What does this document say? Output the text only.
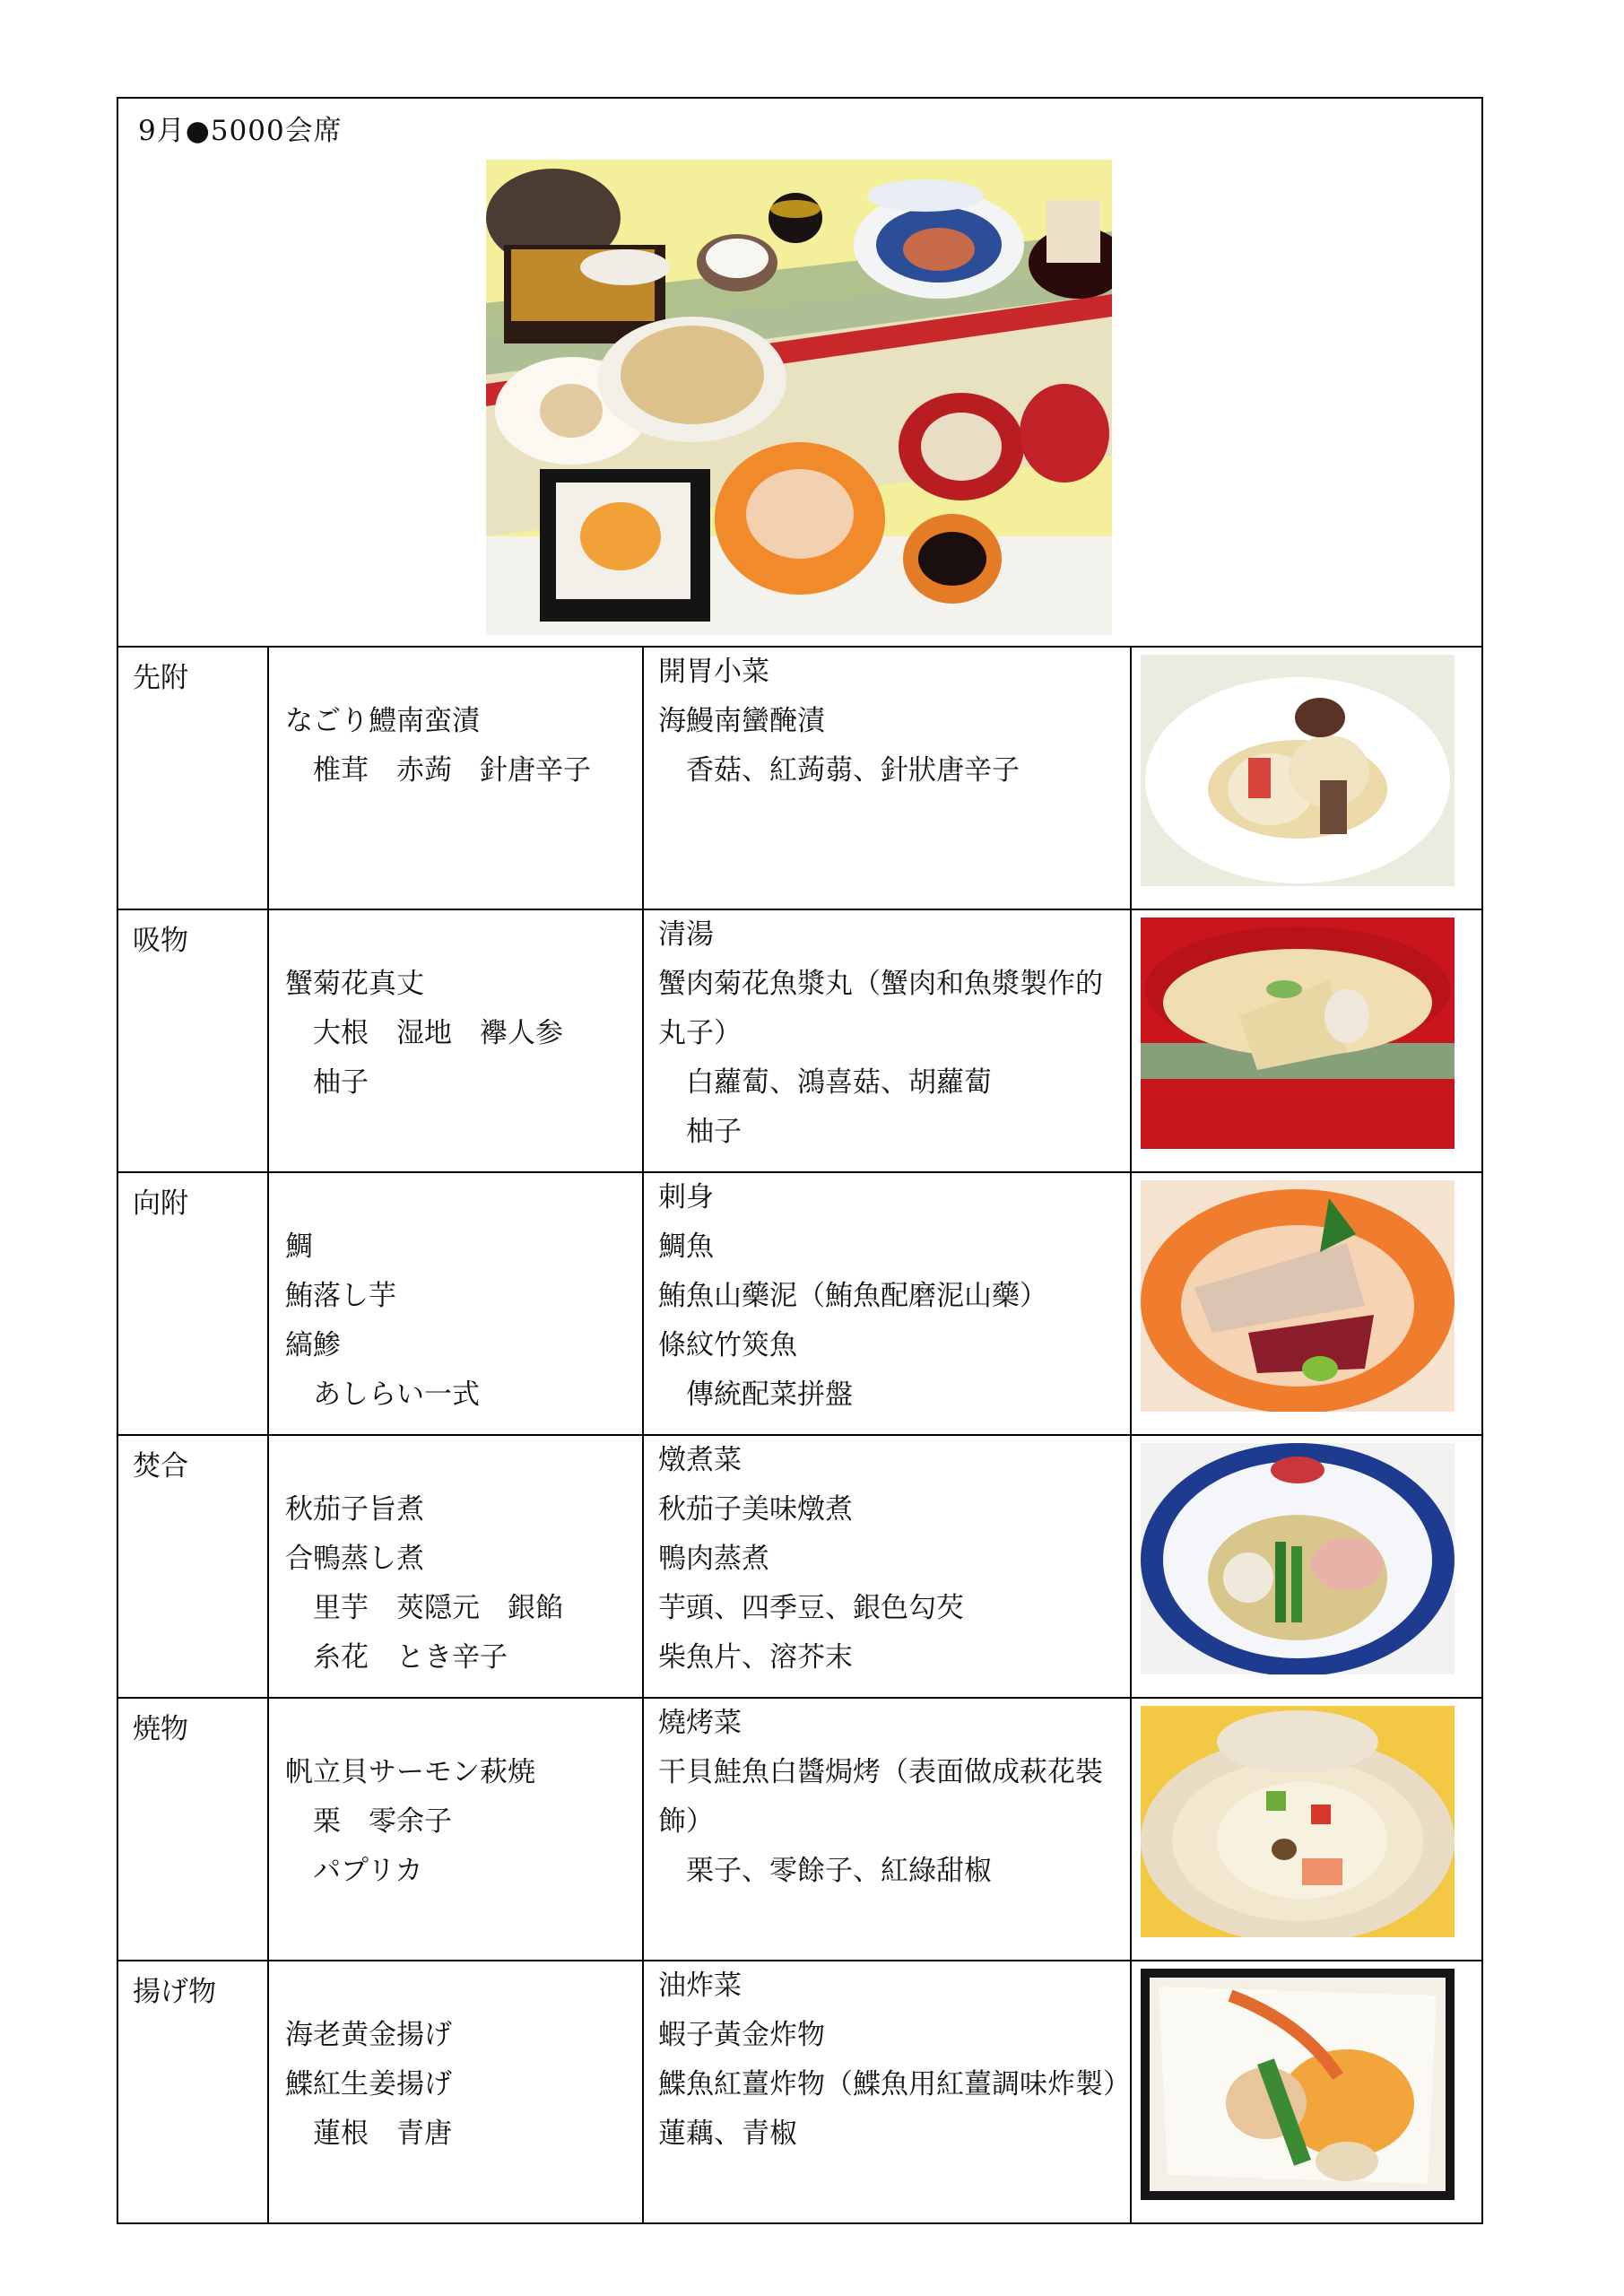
9月●5000会席			

先附	なごり鱧南蛮漬
　椎茸　赤蒟　針唐辛子	開胃小菜
海鰻南蠻醃漬
　香菇、紅蒟蒻、針狀唐辛子

吸物	蟹菊花真丈
　大根　湿地　襷人参
　柚子	清湯
蟹肉菊花魚漿丸（蟹肉和魚漿製作的丸子）
　白蘿蔔、鴻喜菇、胡蘿蔔
　柚子

向附	鯛
鮪落し芋
縞鯵
　あしらい一式	刺身
鯛魚
鮪魚山藥泥（鮪魚配磨泥山藥）
條紋竹筴魚
　傳統配菜拼盤

焚合	秋茄子旨煮
合鴨蒸し煮
　里芋　莢隠元　銀餡
　糸花　とき辛子	燉煮菜
秋茄子美味燉煮
鴨肉蒸煮
芋頭、四季豆、銀色勾芡
柴魚片、溶芥末

焼物	帆立貝サーモン萩焼
　栗　零余子
　パプリカ	燒烤菜
干貝鮭魚白醬焗烤（表面做成萩花裝飾）
　栗子、零餘子、紅綠甜椒

揚げ物	海老黄金揚げ
鰈紅生姜揚げ
　蓮根　青唐	油炸菜
蝦子黃金炸物
鰈魚紅薑炸物（鰈魚用紅薑調味炸製）
蓮藕、青椒
